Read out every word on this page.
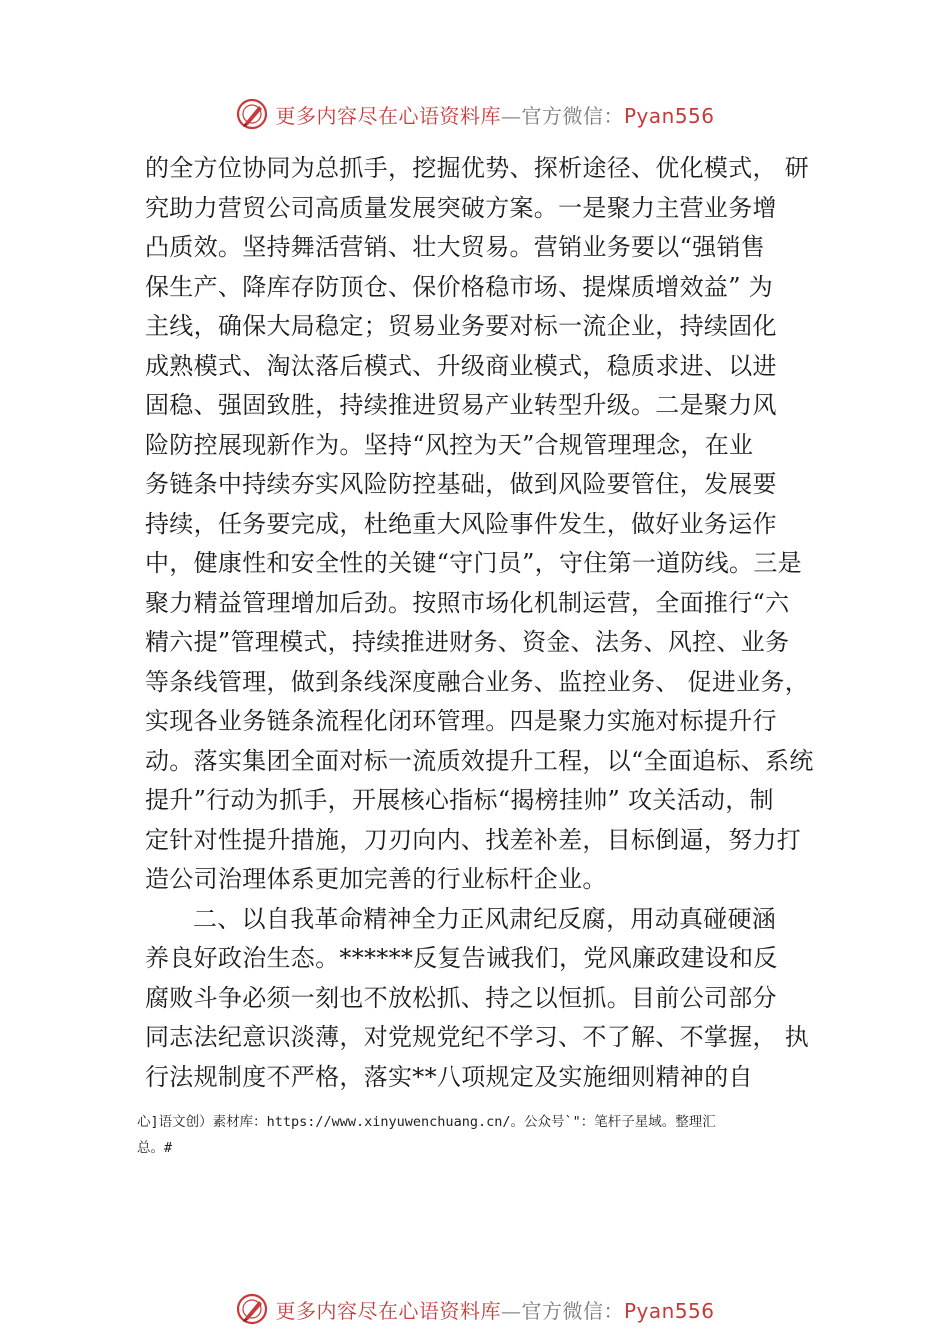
更多内容尽在心语资料库—官方微信：Pyan556
的全方位协同为总抓手，挖掘优势、探析途径、优化模式， 研
究助力营贸公司高质量发展突破方案。一是聚力主营业务增
凸质效。坚持舞活营销、壮大贸易。营销业务要以“强销售
保生产、降库存防顶仓、保价格稳市场、提煤质增效益” 为
主线，确保大局稳定；贸易业务要对标一流企业，持续固化
成熟模式、淘汰落后模式、升级商业模式，稳质求进、以进
固稳、强固致胜，持续推进贸易产业转型升级。二是聚力风
险防控展现新作为。坚持“风控为天”合规管理理念，在业
务链条中持续夯实风险防控基础，做到风险要管住，发展要
持续，任务要完成，杜绝重大风险事件发生，做好业务运作
中，健康性和安全性的关键“守门员”，守住第一道防线。三是
聚力精益管理增加后劲。按照市场化机制运营，全面推行“六
精六提”管理模式，持续推进财务、资金、法务、风控、业务
等条线管理，做到条线深度融合业务、监控业务、 促进业务，
实现各业务链条流程化闭环管理。四是聚力实施对标提升行
动。落实集团全面对标一流质效提升工程，以“全面追标、系统
提升”行动为抓手，开展核心指标“揭榜挂帅” 攻关活动，制
定针对性提升措施，刀刃向内、找差补差，目标倒逼，努力打
造公司治理体系更加完善的行业标杆企业。
二、以自我革命精神全力正风肃纪反腐，用动真碰硬涵
养良好政治生态。******反复告诫我们，党风廉政建设和反
腐败斗争必须一刻也不放松抓、持之以恒抓。目前公司部分
同志法纪意识淡薄，对党规党纪不学习、不了解、不掌握， 执
行法规制度不严格，落实**八项规定及实施细则精神的自
心]语文创）素材库：https://www.xinyuwenchuang.cn/。公众号`"：笔杆子星域。整理汇
总。#
更多内容尽在心语资料库—官方微信：Pyan556
